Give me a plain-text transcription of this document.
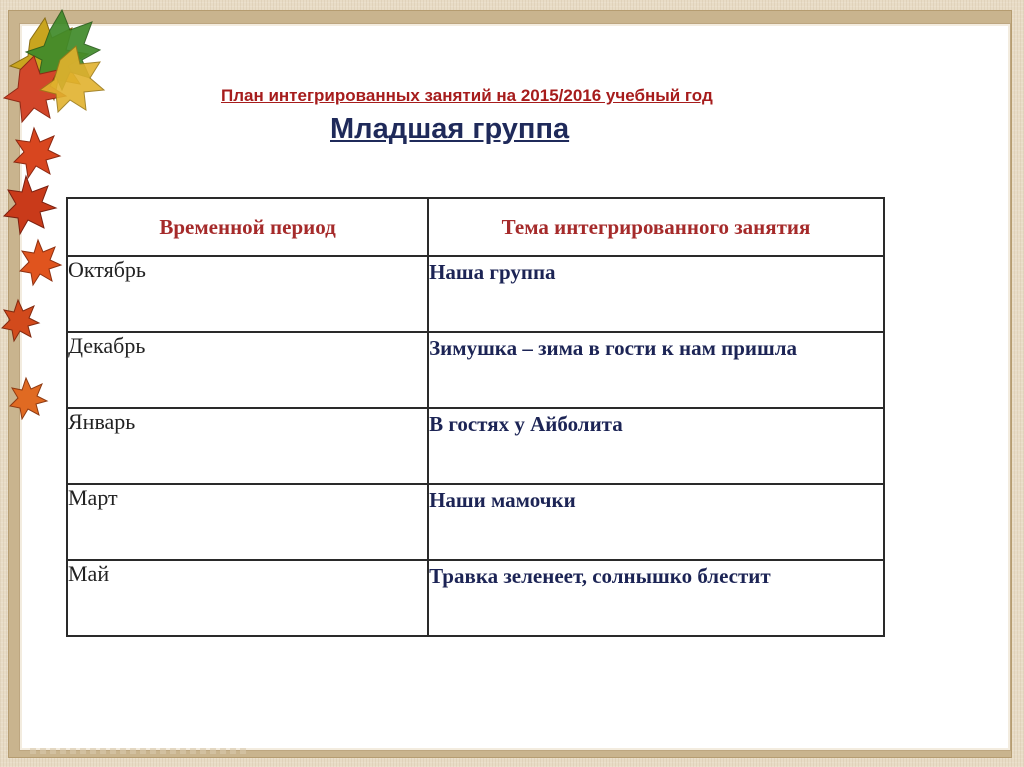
План интегрированных занятий на 2015/2016 учебный год
Младшая группа
Временной период	Тема интегрированного занятия
Октябрь	Наша группа
Декабрь	Зимушка – зима в гости к нам пришла
Январь	В гостях у Айболита
Март	Наши мамочки
Май	Травка зеленеет, солнышко блестит
